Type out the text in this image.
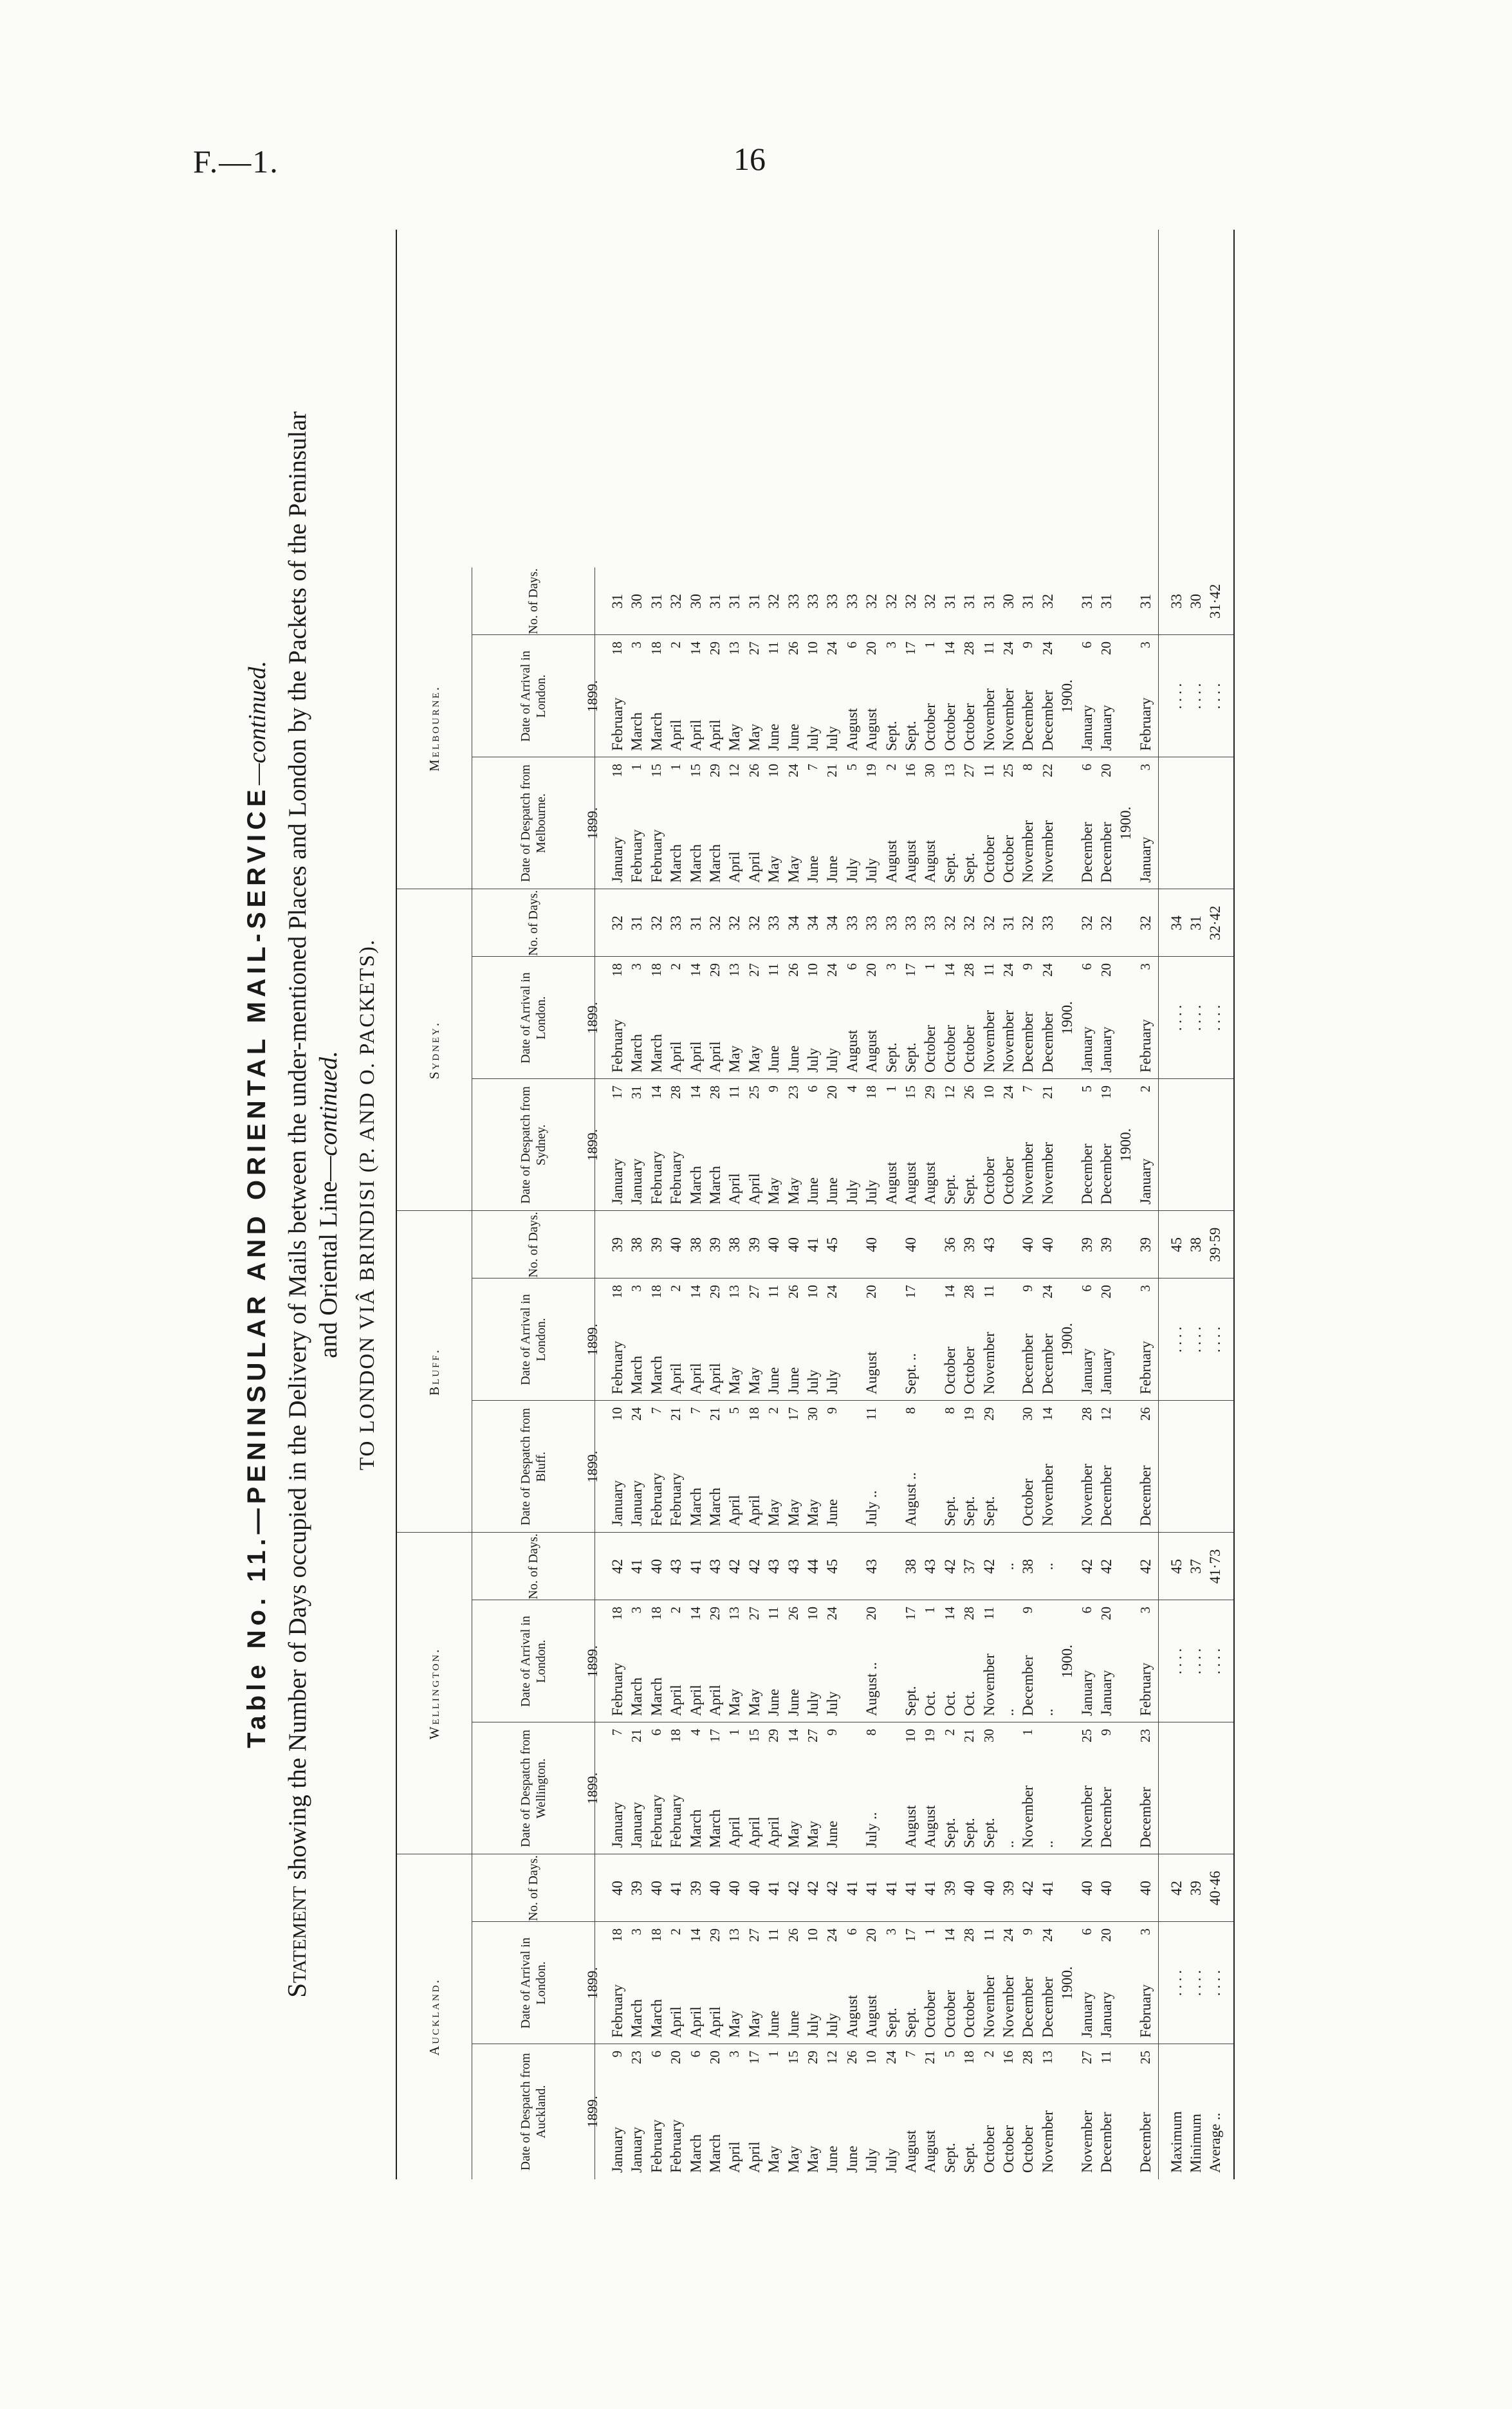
F.—1.	16
Table No. 11.—PENINSULAR AND ORIENTAL MAIL-SERVICE—continued.
Statement showing the Number of Days occupied in the Delivery of Mails between the under-mentioned Places and London by the Packets of the Peninsular and Oriental Line—continued. TO LONDON VIÂ BRINDISI (P. AND O. PACKETS).
Auckland.
Wellington.
Bluff.
Sydney.
Melbourne.
Date of Despatch from Auckland.
Date of Arrival in London.
No. of Days.
Date of Despatch from Wellington.
Date of Arrival in London.
No. of Days.
Date of Despatch from Bluff.
Date of Arrival in London.
No. of Days.
Date of Despatch from Sydney.
Date of Arrival in London.
No. of Days.
Date of Despatch from Melbourne.
Date of Arrival in London.
No. of Days.
1899.
1899.
1899.
1899.
1899.
1899.
1899.
1899.
1899.
1899.
January
9
January
23
February
6
February
20
March
6
March
20
April
3
April
17
May
1
May
15
May
29
June
12
June
26
July
10
July
24
August
7
August
21
Sept.
5
Sept.
18
October
2
October
16
October
28
November
13
November
27
December
11
December
25
February
18
March
3
March
18
April
2
April
14
April
29
May
13
May
27
June
11
June
26
July
10
July
24
August
6
August
20
Sept.
3
Sept.
17
October
1
October
14
October
28
November
11
November
24
December
9
December
24
1900.
January
6
January
20
February
3
40 39 40 41 39 40 40 40 41 42 42 42 41 41 41 41 41 39 40 40 39 42 41 40 40 40
January
7
January
21
February
6
February
18
March
4
March
17
April
1
April
15
April
29
May
14
May
27
June
9
July ..
8
August
10
August
19
Sept.
2
Sept.
21
Sept.
30
.. November
1
.. November
25
December
9
December
23
February
18
March
3
March
18
April
2
April
14
April
29
May
13
May
27
June
11
June
26
July
10
July
24
August ..
20
Sept.
17
Oct.
1
Oct.
14
Oct.
28
November
11
.. December
9
..
1900.
January
6
January
20
February
3
42 41 40 43 41 43 42 42 43 43 44 45 43 38 43 42 37 42 .. 38 .. 42 42 42
January
10
January
24
February
7
February
21
March
7
March
21
April
5
April
18
May
2
May
17
May
30
June
9
July ..
11
August ..
8
Sept.
8
Sept.
19
Sept.
29
October
30
November
14
November
28
December
12
December
26
February
18
March
3
March
18
April
2
April
14
April
29
May
13
May
27
June
11
June
26
July
10
July
24
August
20
Sept. ..
17
October
14
October
28
November
11
December
9
December
24
1900.
January
6
January
20
February
3
39 38 39 40 38 39 38 39 40 40 41 45 40 40 36 39 43 40 40 39 39 39
January
17
January
31
February
14
February
28
March
14
March
28
April
11
April
25
May
9
May
23
June
6
June
20
July
4
July
18
August
1
August
15
August
29
Sept.
12
Sept.
26
October
10
October
24
November
7
November
21
December
5
December
19
1900.
January
2
February
18
March
3
March
18
April
2
April
14
April
29
May
13
May
27
June
11
June
26
July
10
July
24
August
6
August
20
Sept.
3
Sept.
17
October
1
October
14
October
28
November
11
November
24
December
9
December
24
1900.
January
6
January
20
February
3
32 31 32 33 31 32 32 32 33 34 34 34 33 33 33 33 33 32 32 32 31 32 33 32 32 32
January
18
February
1
February
15
March
1
March
15
March
29
April
12
April
26
May
10
May
24
June
7
June
21
July
5
July
19
August
2
August
16
August
30
Sept.
13
Sept.
27
October
11
October
25
November
8
November
22
December
6
December
20
1900.
January
3
February
18
March
3
March
18
April
2
April
14
April
29
May
13
May
27
June
11
June
26
July
10
July
24
August
6
August
20
Sept.
3
Sept.
17
October
1
October
14
October
28
November
11
November
24
December
9
December
24
1900.
January
6
January
20
February
3
31 30 31 32 30 31 31 31 32 33 33 33 33 32 32 32 32 31 31 31 30 31 32 31 31 31
Maximum
. . . .
. . . .
. . . .
. . . .
. . . .
42
45
45
34
33
Minimum
. . . .
. . . .
. . . .
. . . .
. . . .
39
37
38
31
30
Average ..
. . . .
. . . .
. . . .
. . . .
. . . .
40·46
41·73
39·59
32·42
31·42
